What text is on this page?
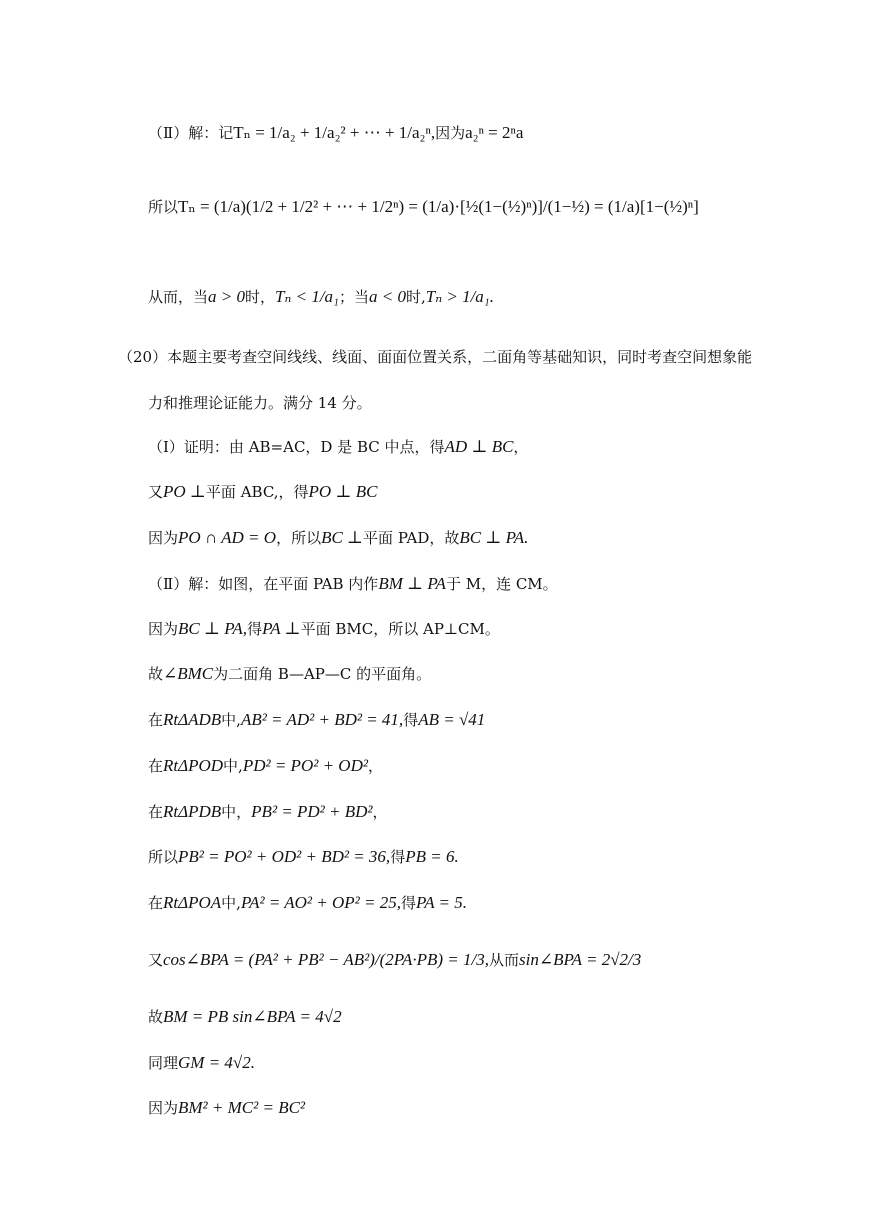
（Ⅱ）解：记Tₙ = 1/a₂ + 1/a₂² + ⋯ + 1/a₂ⁿ,因为a₂ⁿ = 2ⁿa
所以Tₙ = (1/a)(1/2 + 1/2² + ⋯ + 1/2ⁿ) = (1/a)·[½(1−(½)ⁿ)]/(1−½) = (1/a)[1−(½)ⁿ]
从而，当a > 0时，Tₙ < 1/a₁；当a < 0时,Tₙ > 1/a₁.
（20）本题主要考查空间线线、线面、面面位置关系，二面角等基础知识，同时考查空间想象能
力和推理论证能力。满分 14 分。
（Ⅰ）证明：由 AB=AC，D 是 BC 中点，得AD ⊥ BC，
又PO ⊥平面 ABC,，得PO ⊥ BC
因为PO ∩ AD = O，所以BC ⊥平面 PAD，故BC ⊥ PA.
（Ⅱ）解：如图，在平面 PAB 内作BM ⊥ PA于 M，连 CM。
因为BC ⊥ PA,得PA ⊥平面 BMC，所以 AP⊥CM。
故∠BMC为二面角 B—AP—C 的平面角。
在RtΔADB中,AB² = AD² + BD² = 41,得AB = √41
在RtΔPOD中,PD² = PO² + OD²，
在RtΔPDB中，PB² = PD² + BD²，
所以PB² = PO² + OD² + BD² = 36,得PB = 6.
在RtΔPOA中,PA² = AO² + OP² = 25,得PA = 5.
又cos∠BPA = (PA² + PB² − AB²)/(2PA·PB) = 1/3,从而sin∠BPA = 2√2/3
故BM = PB sin∠BPA = 4√2
同理GM = 4√2.
因为BM² + MC² = BC²
